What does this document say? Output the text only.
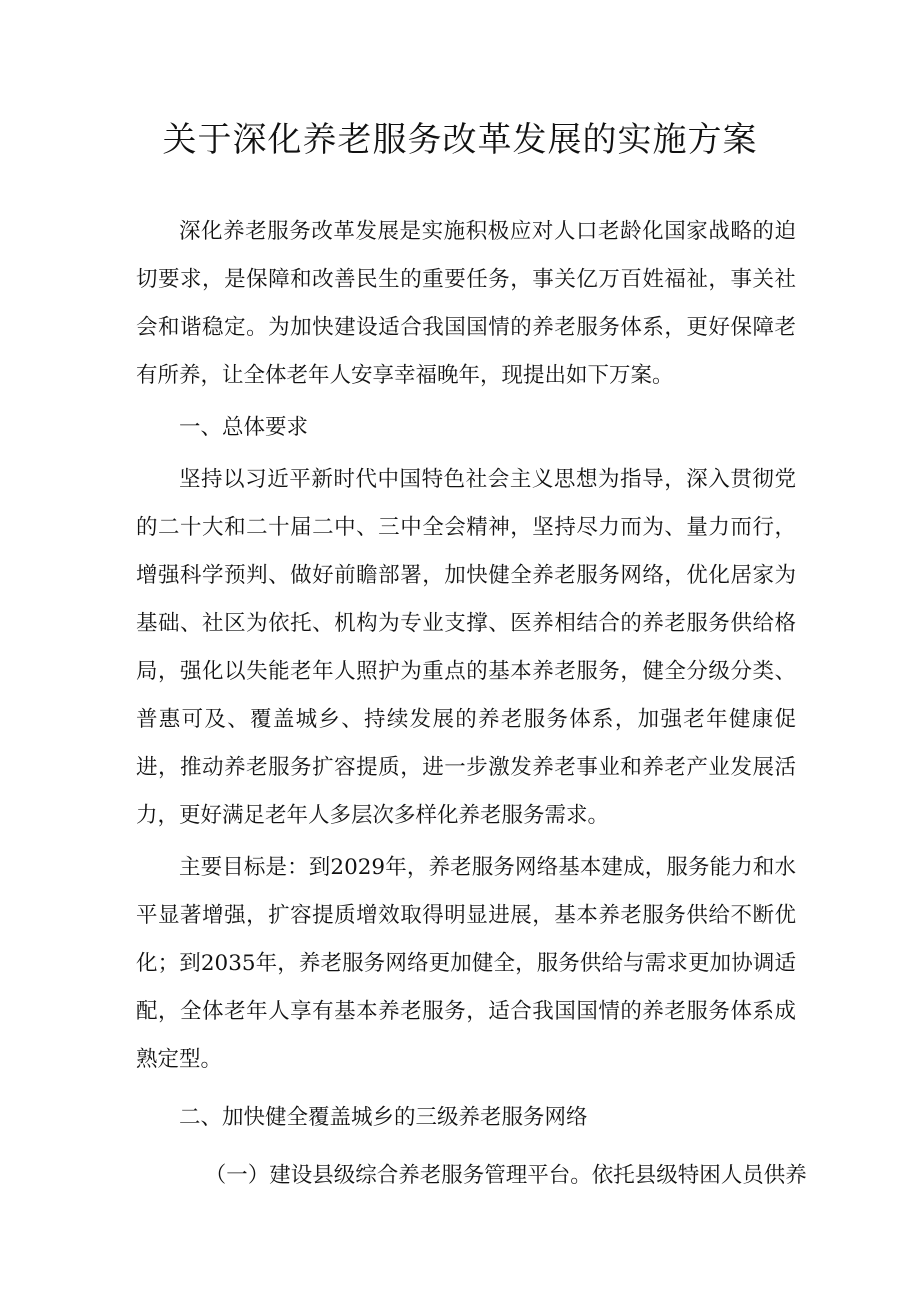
关于深化养老服务改革发展的实施方案

深化养老服务改革发展是实施积极应对人口老龄化国家战略的迫切要求，是保障和改善民生的重要任务，事关亿万百姓福祉，事关社会和谐稳定。为加快建设适合我国国情的养老服务体系，更好保障老有所养，让全体老年人安享幸福晚年，现提出如下万案。

一、总体要求

坚持以习近平新时代中国特色社会主义思想为指导，深入贯彻党的二十大和二十届二中、三中全会精神，坚持尽力而为、量力而行，增强科学预判、做好前瞻部署，加快健全养老服务网络，优化居家为基础、社区为依托、机构为专业支撑、医养相结合的养老服务供给格局，强化以失能老年人照护为重点的基本养老服务，健全分级分类、普惠可及、覆盖城乡、持续发展的养老服务体系，加强老年健康促进，推动养老服务扩容提质，进一步激发养老事业和养老产业发展活力，更好满足老年人多层次多样化养老服务需求。

主要目标是：到2029年，养老服务网络基本建成，服务能力和水平显著增强，扩容提质增效取得明显进展，基本养老服务供给不断优化；到2035年，养老服务网络更加健全，服务供给与需求更加协调适配，全体老年人享有基本养老服务，适合我国国情的养老服务体系成熟定型。

二、加快健全覆盖城乡的三级养老服务网络

（一）建设县级综合养老服务管理平台。依托县级特困人员供养
